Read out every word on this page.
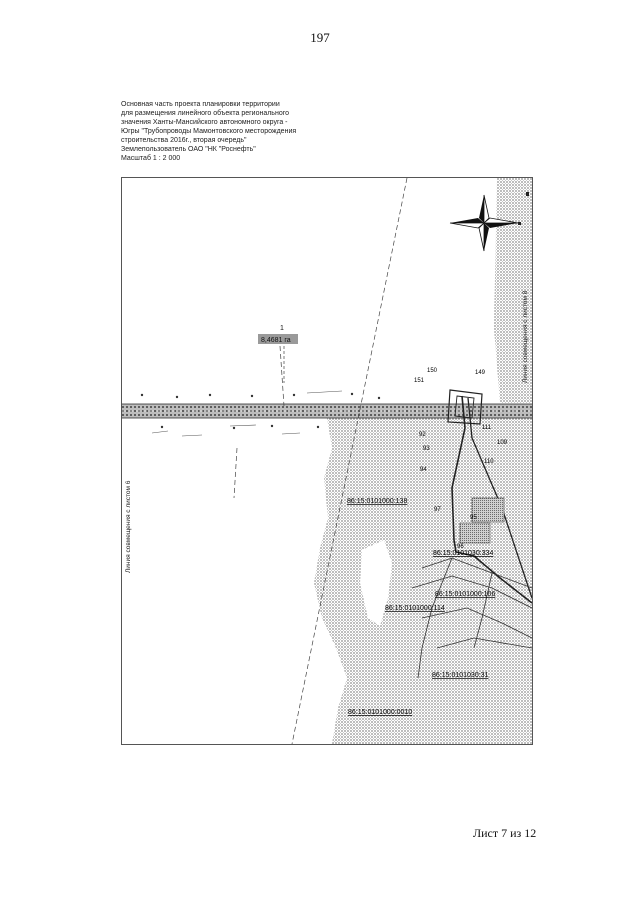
197
Основная часть проекта планировки территории
для размещения линейного объекта регионального
значения Ханты-Мансийского автономного округа -
Югры "Трубопроводы Мамонтовского месторождения
строительства 2016г., вторая очередь"
Землепользователь ОАО "НК "Роснефть"
Масштаб 1 : 2 000
1
8,4681 га
151
150	149
111
109
110
92
93
94
97
95
96
86:15:0101000:138
86:15:0101030:334
86:15:0101000:106
86:15:0101000:114
86:15:0101030:31
86:15:0101000:0010
Линия совмещения с листом 6
Линия совмещения с листом 8
Лист 7 из 12
